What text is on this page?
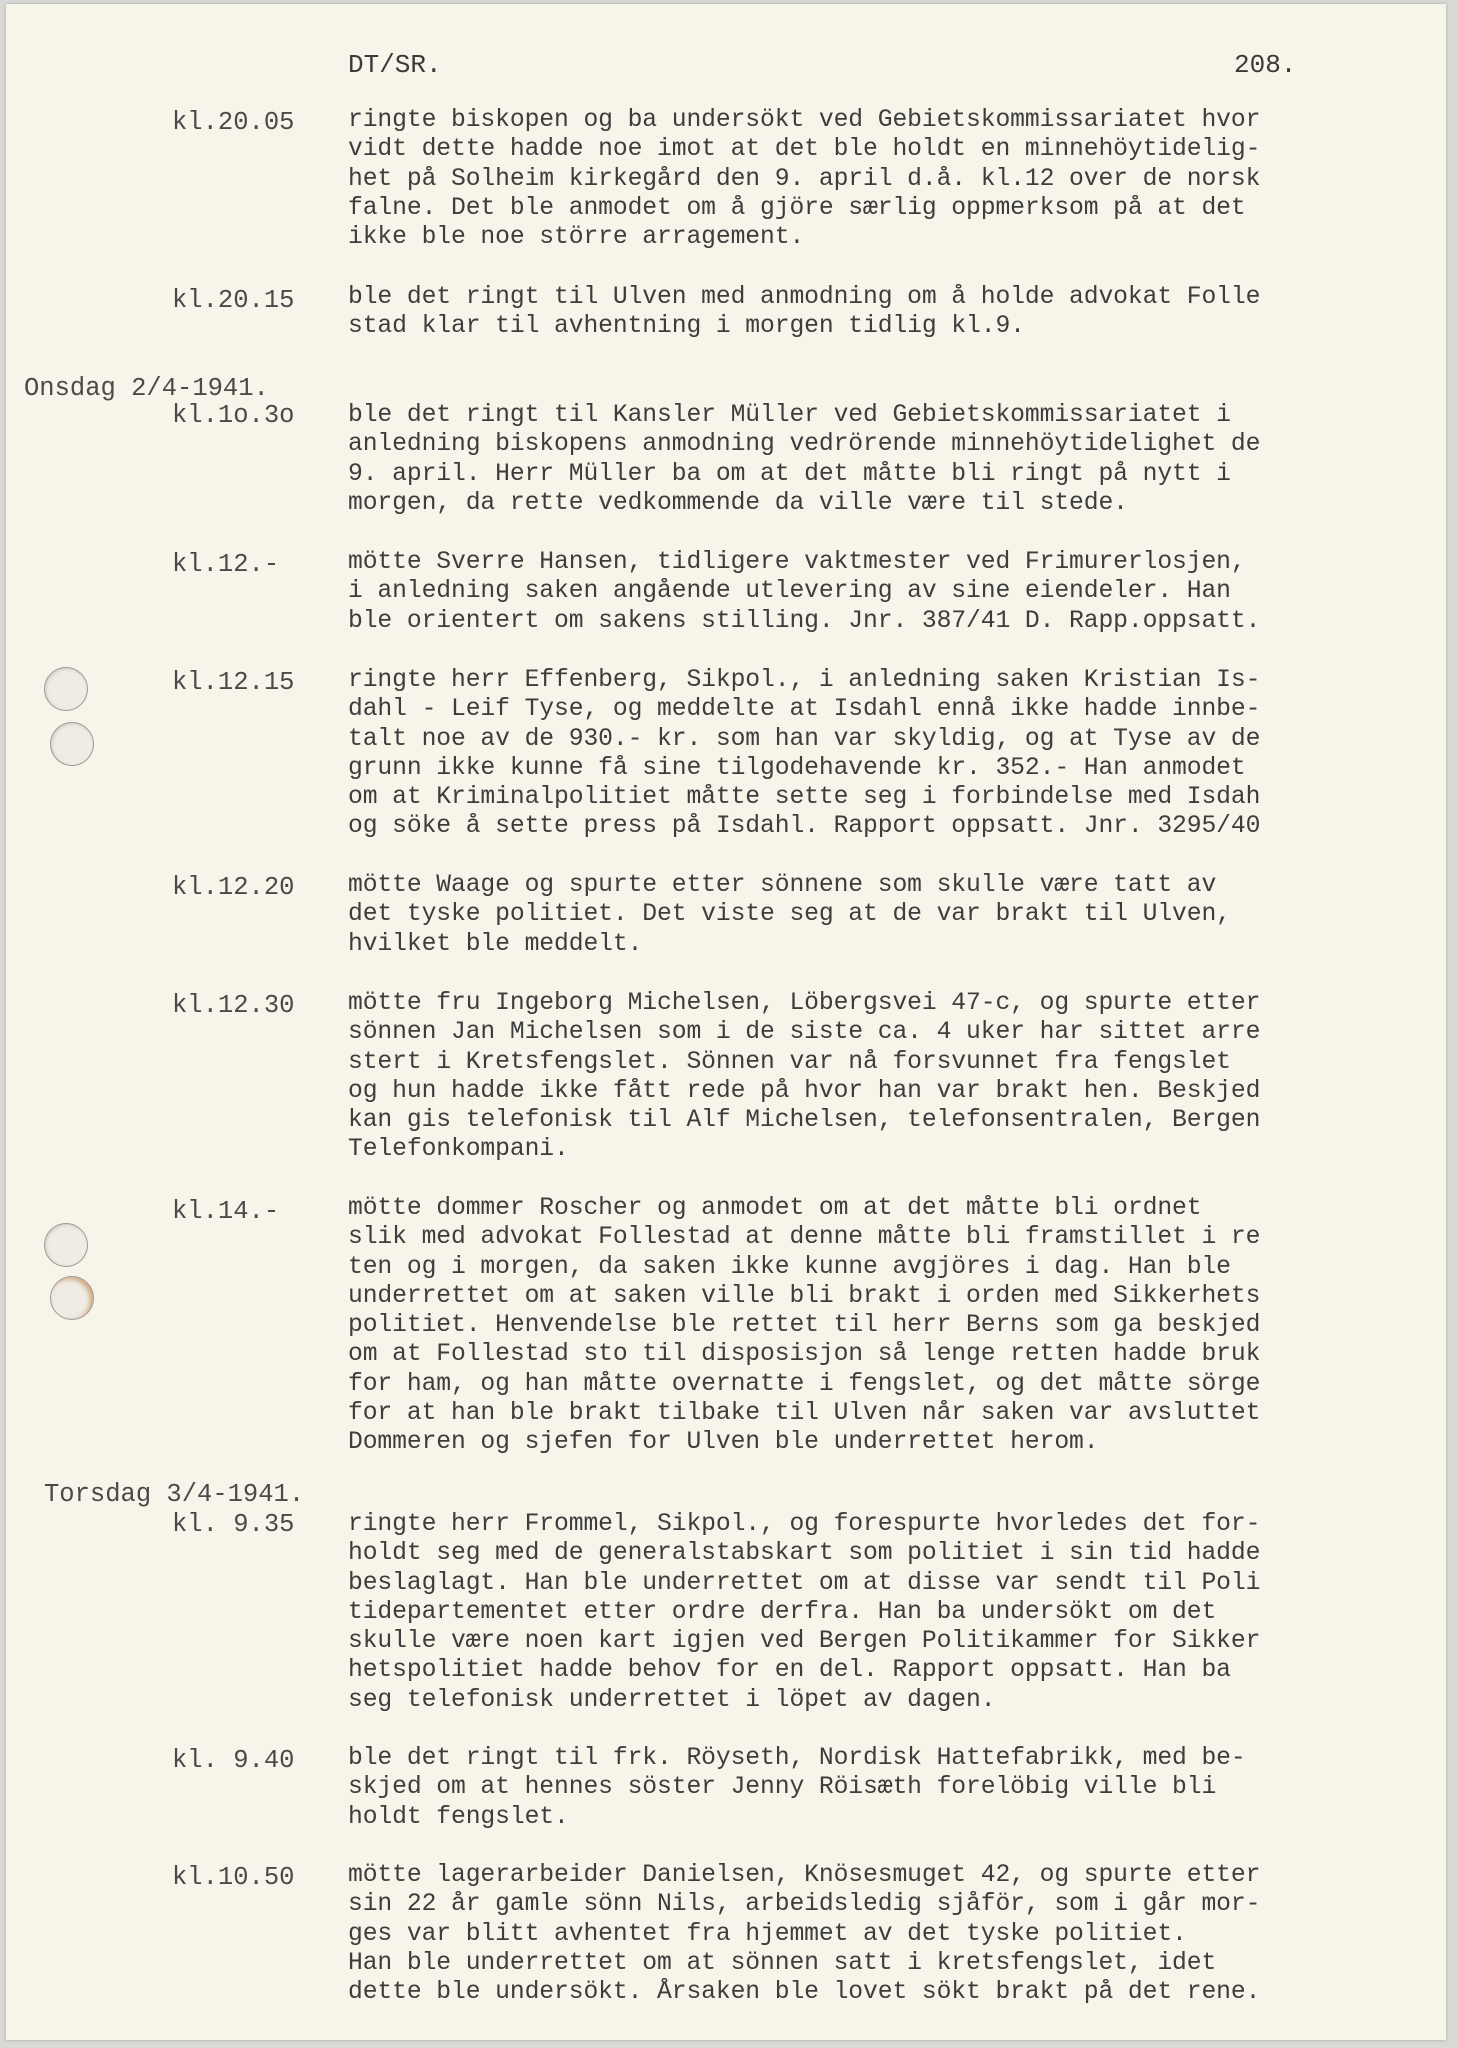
DT/SR.	208.
Onsdag 2/4-1941.
Torsdag 3/4-1941.
kl.20.05	ringte biskopen og ba undersökt ved Gebietskommissariatet hvor
vidt dette hadde noe imot at det ble holdt en minnehöytidelig-
het på Solheim kirkegård den 9. april d.å. kl.12 over de norsk
falne. Det ble anmodet om å gjöre særlig oppmerksom på at det
ikke ble noe större arragement.
kl.20.15	ble det ringt til Ulven med anmodning om å holde advokat Folle
stad klar til avhentning i morgen tidlig kl.9.
kl.1o.3o	ble det ringt til Kansler Müller ved Gebietskommissariatet i
anledning biskopens anmodning vedrörende minnehöytidelighet de
9. april. Herr Müller ba om at det måtte bli ringt på nytt i
morgen, da rette vedkommende da ville være til stede.
kl.12.-	mötte Sverre Hansen, tidligere vaktmester ved Frimurerlosjen,
i anledning saken angående utlevering av sine eiendeler. Han
ble orientert om sakens stilling. Jnr. 387/41 D. Rapp.oppsatt.
kl.12.15	ringte herr Effenberg, Sikpol., i anledning saken Kristian Is-
dahl - Leif Tyse, og meddelte at Isdahl ennå ikke hadde innbe-
talt noe av de 930.- kr. som han var skyldig, og at Tyse av de
grunn ikke kunne få sine tilgodehavende kr. 352.- Han anmodet
om at Kriminalpolitiet måtte sette seg i forbindelse med Isdah
og söke å sette press på Isdahl. Rapport oppsatt. Jnr. 3295/40
kl.12.20	mötte Waage og spurte etter sönnene som skulle være tatt av
det tyske politiet. Det viste seg at de var brakt til Ulven,
hvilket ble meddelt.
kl.12.30	mötte fru Ingeborg Michelsen, Löbergsvei 47-c, og spurte etter
sönnen Jan Michelsen som i de siste ca. 4 uker har sittet arre
stert i Kretsfengslet. Sönnen var nå forsvunnet fra fengslet
og hun hadde ikke fått rede på hvor han var brakt hen. Beskjed
kan gis telefonisk til Alf Michelsen, telefonsentralen, Bergen
Telefonkompani.
kl.14.-	mötte dommer Roscher og anmodet om at det måtte bli ordnet
slik med advokat Follestad at denne måtte bli framstillet i re
ten og i morgen, da saken ikke kunne avgjöres i dag. Han ble
underrettet om at saken ville bli brakt i orden med Sikkerhets
politiet. Henvendelse ble rettet til herr Berns som ga beskjed
om at Follestad sto til disposisjon så lenge retten hadde bruk
for ham, og han måtte overnatte i fengslet, og det måtte sörge
for at han ble brakt tilbake til Ulven når saken var avsluttet
Dommeren og sjefen for Ulven ble underrettet herom.
kl. 9.35	ringte herr Frommel, Sikpol., og forespurte hvorledes det for-
holdt seg med de generalstabskart som politiet i sin tid hadde
beslaglagt. Han ble underrettet om at disse var sendt til Poli
tidepartementet etter ordre derfra. Han ba undersökt om det
skulle være noen kart igjen ved Bergen Politikammer for Sikker
hetspolitiet hadde behov for en del. Rapport oppsatt. Han ba
seg telefonisk underrettet i löpet av dagen.
kl. 9.40	ble det ringt til frk. Röyseth, Nordisk Hattefabrikk, med be-
skjed om at hennes söster Jenny Röisæth forelöbig ville bli
holdt fengslet.
kl.10.50	mötte lagerarbeider Danielsen, Knösesmuget 42, og spurte etter
sin 22 år gamle sönn Nils, arbeidsledig sjåför, som i går mor-
ges var blitt avhentet fra hjemmet av det tyske politiet.
Han ble underrettet om at sönnen satt i kretsfengslet, idet
dette ble undersökt. Årsaken ble lovet sökt brakt på det rene.
